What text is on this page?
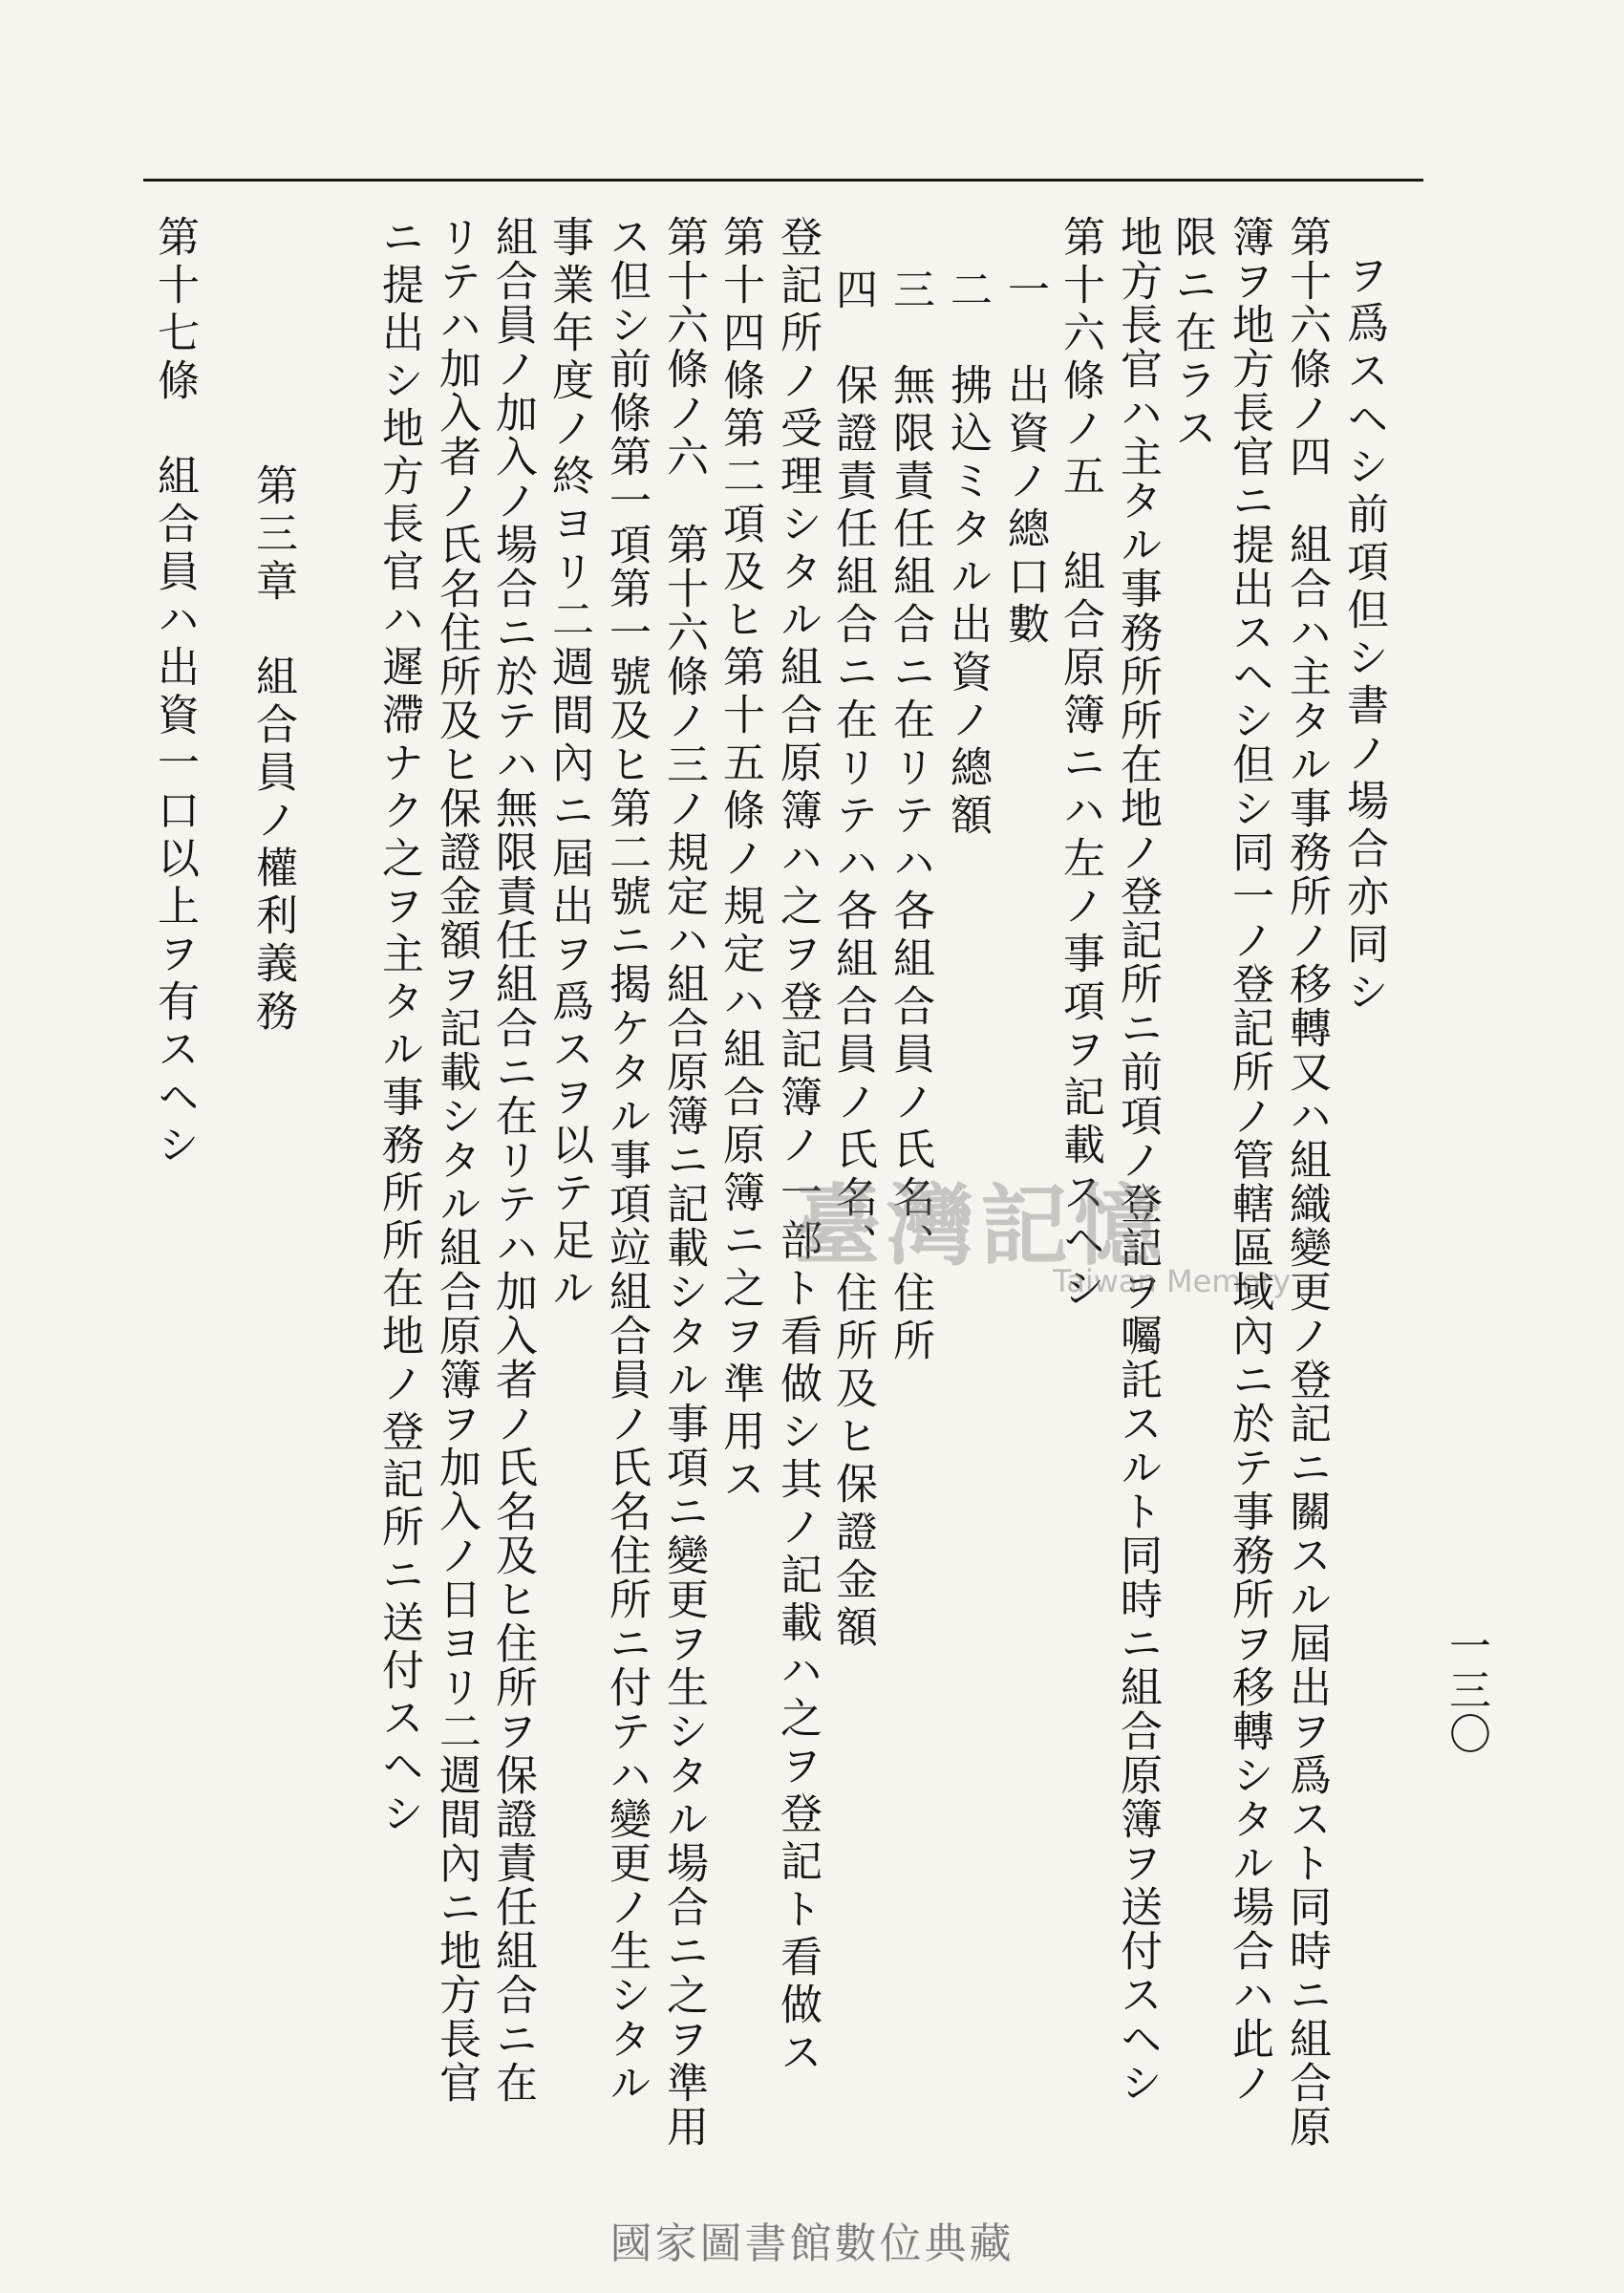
一三〇
ヲ爲スヘシ前項但シ書ノ場合亦同シ
第十六條ノ四　組合ハ主タル事務所ノ移轉又ハ組織變更ノ登記ニ關スル屆出ヲ爲スト同時ニ組合原
簿ヲ地方長官ニ提出スヘシ但シ同一ノ登記所ノ管轄區域內ニ於テ事務所ヲ移轉シタル場合ハ此ノ
限ニ在ラス
地方長官ハ主タル事務所所在地ノ登記所ニ前項ノ登記ヲ囑託スルト同時ニ組合原簿ヲ送付スヘシ
第十六條ノ五　組合原簿ニハ左ノ事項ヲ記載スヘシ
一　出資ノ總口數
二　拂込ミタル出資ノ總額
三　無限責任組合ニ在リテハ各組合員ノ氏名、住所
四　保證責任組合ニ在リテハ各組合員ノ氏名、住所及ヒ保證金額
登記所ノ受理シタル組合原簿ハ之ヲ登記簿ノ一部ト看做シ其ノ記載ハ之ヲ登記ト看做ス
第十四條第二項及ヒ第十五條ノ規定ハ組合原簿ニ之ヲ準用ス
第十六條ノ六　第十六條ノ三ノ規定ハ組合原簿ニ記載シタル事項ニ變更ヲ生シタル場合ニ之ヲ準用
ス但シ前條第一項第一號及ヒ第二號ニ揭ケタル事項竝組合員ノ氏名住所ニ付テハ變更ノ生シタル
事業年度ノ終ヨリ二週間內ニ屆出ヲ爲スヲ以テ足ル
組合員ノ加入ノ場合ニ於テハ無限責任組合ニ在リテハ加入者ノ氏名及ヒ住所ヲ保證責任組合ニ在
リテハ加入者ノ氏名住所及ヒ保證金額ヲ記載シタル組合原簿ヲ加入ノ日ヨリ二週間內ニ地方長官
ニ提出シ地方長官ハ遲滯ナク之ヲ主タル事務所所在地ノ登記所ニ送付スヘシ
第三章　組合員ノ權利義務
第十七條　組合員ハ出資一口以上ヲ有スヘシ
臺灣記憶
Taiwan Memory
國家圖書館數位典藏
